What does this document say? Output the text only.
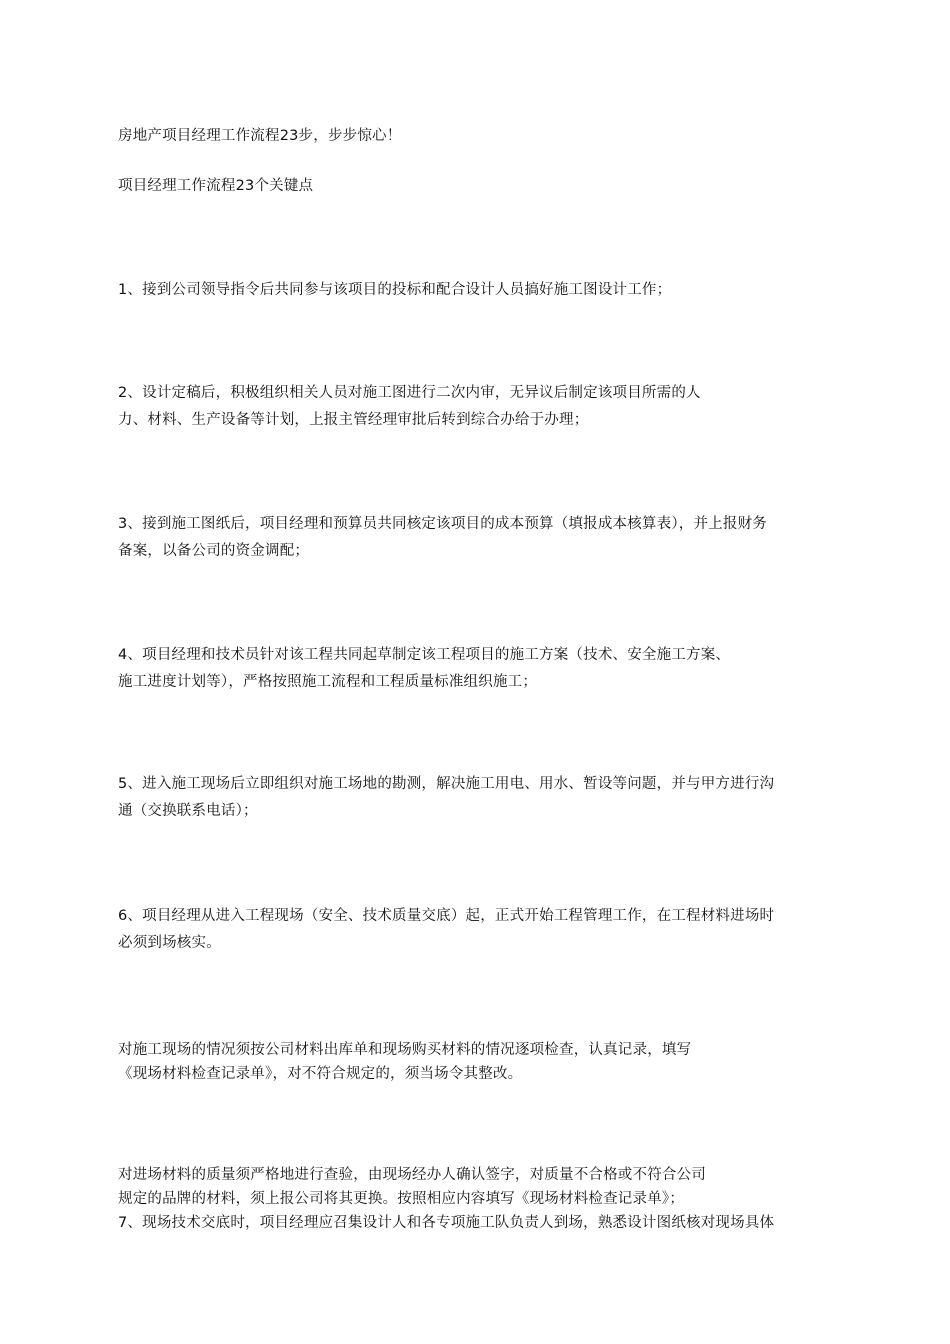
房地产项目经理工作流程23步，步步惊心！
项目经理工作流程23个关键点
1、接到公司领导指令后共同参与该项目的投标和配合设计人员搞好施工图设计工作；
2、设计定稿后，积极组织相关人员对施工图进行二次内审，无异议后制定该项目所需的人
力、材料、生产设备等计划，上报主管经理审批后转到综合办给于办理；
3、接到施工图纸后，项目经理和预算员共同核定该项目的成本预算（填报成本核算表），并上报财务
备案，以备公司的资金调配；
4、项目经理和技术员针对该工程共同起草制定该工程项目的施工方案（技术、安全施工方案、
施工进度计划等），严格按照施工流程和工程质量标准组织施工；
5、进入施工现场后立即组织对施工场地的勘测，解决施工用电、用水、暂设等问题，并与甲方进行沟
通（交换联系电话）；
6、项目经理从进入工程现场（安全、技术质量交底）起，正式开始工程管理工作，在工程材料进场时
必须到场核实。
对施工现场的情况须按公司材料出库单和现场购买材料的情况逐项检查，认真记录，填写
《现场材料检查记录单》，对不符合规定的，须当场令其整改。
对进场材料的质量须严格地进行查验，由现场经办人确认签字，对质量不合格或不符合公司
规定的品牌的材料，须上报公司将其更换。按照相应内容填写《现场材料检查记录单》；
7、现场技术交底时，项目经理应召集设计人和各专项施工队负责人到场，熟悉设计图纸核对现场具体
